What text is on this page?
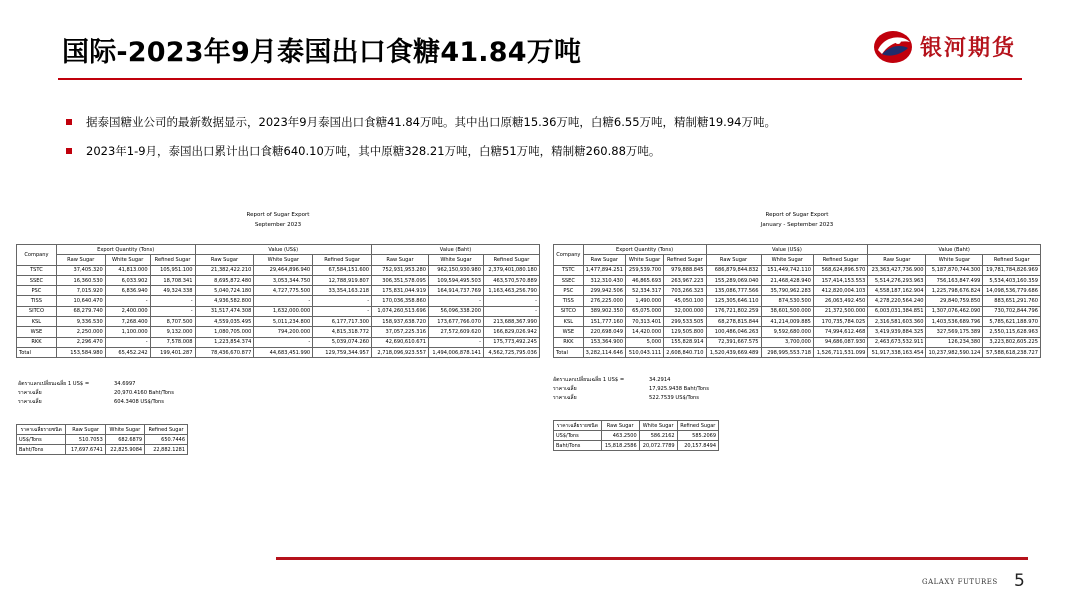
国际-2023年9月泰国出口食糖41.84万吨	银河期货
据泰国糖业公司的最新数据显示，2023年9月泰国出口食糖41.84万吨。其中出口原糖15.36万吨，白糖6.55万吨，精制糖19.94万吨。
2023年1-9月，泰国出口累计出口食糖640.10万吨，其中原糖328.21万吨，白糖51万吨，精制糖260.88万吨。
Report of Sugar Export
September 2023
Company	Export Quantity (Tons)			Value (US$)			Value (Baht)		
	Raw Sugar	White Sugar	Refined Sugar	Raw Sugar	White Sugar	Refined Sugar	Raw Sugar	White Sugar	Refined Sugar
TSTC	37,405.320	41,813.000	105,951.100	21,382,422.210	29,464,896.940	67,584,151.600	752,931,953.280	962,150,930.980	2,379,401,080.180
SSEC	16,360.530	6,033.902	18,708.341	8,695,872.480	3,053,344.750	12,788,919.807	306,351,578.095	109,594,495.503	463,570,570.889
PSC	7,015.920	6,836.940	49,324.338	5,040,724.180	4,727,775.500	33,354,163.218	175,831,044.919	164,914,737.769	1,163,463,256.790
TISS	10,640.470	-	-	4,936,582.800	-	-	170,036,358.860	-	-
SITCO	68,279.740	2,400.000	-	31,517,474.308	1,632,000.000	-	1,074,260,513.696	56,096,338.200	-
KSL	9,336.530	7,268.400	8,707.500	4,559,035.495	5,011,234.800	6,177,717.300	158,937,638.720	173,677,766.070	213,688,367.990
WSE	2,250.000	1,100.000	9,132.000	1,080,705.000	794,200.000	4,815,318.772	37,057,225.316	27,572,609.620	166,829,026.942
RKK	2,296.470	-	7,578.008	1,223,854.374	-	5,039,074.260	42,690,610.671	-	175,773,492.245
Total	153,584.980	65,452.242	199,401.287	78,436,670.877	44,683,451.990	129,759,344.957	2,718,096,923.557	1,494,006,878.141	4,562,725,795.036
อัตราแลกเปลี่ยนเฉลี่ย 1 US$ =	34.6997
ราคาเฉลี่ย	20,970.4160 Baht/Tons
ราคาเฉลี่ย	604.3408 US$/Tons
ราคาเฉลี่ยรายชนิด	Raw Sugar	White Sugar	Refined Sugar
US$/Tons	510.7053	682.6879	650.7446
Baht/Tons	17,697.6741	22,825.9084	22,882.1281
Report of Sugar Export
January - September 2023
Company	Export Quantity (Tons)			Value (US$)			Value (Baht)		
	Raw Sugar	White Sugar	Refined Sugar	Raw Sugar	White Sugar	Refined Sugar	Raw Sugar	White Sugar	Refined Sugar
TSTC	1,477,894.251	259,539.700	979,888.845	686,879,844.832	151,449,742.110	568,624,896.570	23,363,427,736.900	5,187,870,744.300	19,781,784,826.969
SSEC	312,310.430	46,865.693	263,967.223	155,289,069.040	21,468,428.940	157,414,153.553	5,514,276,293.963	756,163,847.499	5,534,403,160.359
PSC	299,942.506	52,334.317	703,266.323	135,086,777.566	35,790,962.283	412,820,004.103	4,558,187,162.904	1,225,798,676.824	14,098,536,779.686
TISS	276,225.000	1,490.000	45,050.100	125,305,646.110	874,530.500	26,063,492.450	4,278,220,564.240	29,840,759.850	883,651,291.760
SITCO	389,902.350	65,075.000	32,000.000	176,721,802.259	38,601,500.000	21,372,500.000	6,003,031,384.851	1,307,076,462.090	730,702,844.796
KSL	151,777.160	70,313.401	299,533.505	68,278,815.844	41,214,009.885	170,735,784.025	2,316,581,603.360	1,403,536,689.796	5,785,621,188.970
WSE	220,698.049	14,420.000	129,505.800	100,486,046.263	9,592,680.000	74,994,612.468	3,419,939,884.325	327,569,175.389	2,550,115,628.963
RKK	153,364.900	5,000	155,828.914	72,391,667.575	3,700,000	94,686,087.930	2,463,673,532.911	126,234,380	3,223,802,605.225
Total	3,282,114.646	510,043.111	2,608,840.710	1,520,439,669.489	298,995,553.718	1,526,711,531.099	51,917,338,163.454	10,237,982,590.124	57,588,618,238.727
อัตราแลกเปลี่ยนเฉลี่ย 1 US$ =	34.2914
ราคาเฉลี่ย	17,925.9438 Baht/Tons
ราคาเฉลี่ย	522.7539 US$/Tons
ราคาเฉลี่ยรายชนิด	Raw Sugar	White Sugar	Refined Sugar
US$/Tons	463.2500	586.2162	585.2069
Baht/Tons	15,818.2586	20,072.7789	20,157.8494
GALAXY FUTURES 5
